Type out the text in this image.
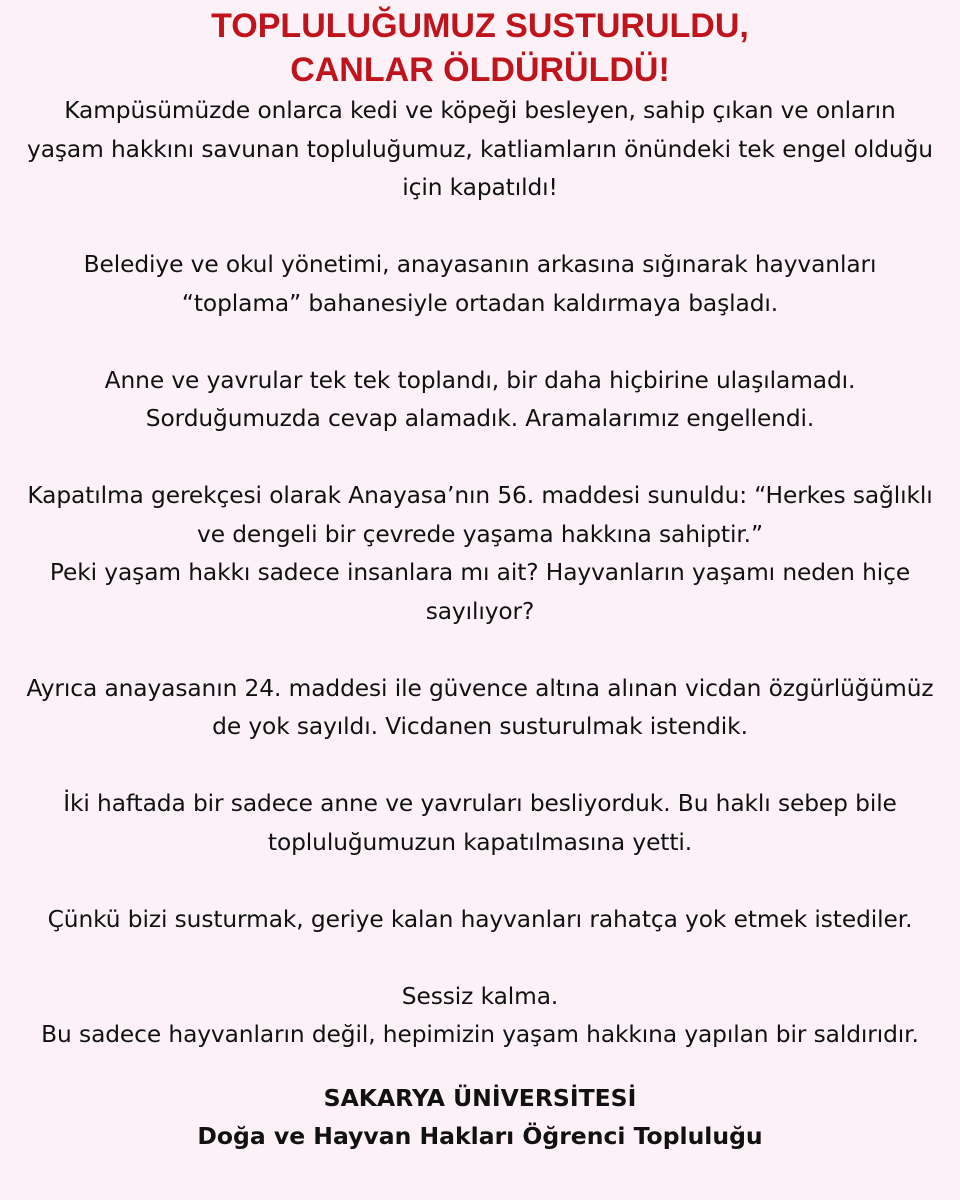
TOPLULUĞUMUZ SUSTURULDU,
CANLAR ÖLDÜRÜLDÜ!

Kampüsümüzde onlarca kedi ve köpeği besleyen, sahip çıkan ve onların
yaşam hakkını savunan topluluğumuz, katliamların önündeki tek engel olduğu
için kapatıldı!

Belediye ve okul yönetimi, anayasanın arkasına sığınarak hayvanları
“toplama” bahanesiyle ortadan kaldırmaya başladı.

Anne ve yavrular tek tek toplandı, bir daha hiçbirine ulaşılamadı.
Sorduğumuzda cevap alamadık. Aramalarımız engellendi.

Kapatılma gerekçesi olarak Anayasa’nın 56. maddesi sunuldu: “Herkes sağlıklı
ve dengeli bir çevrede yaşama hakkına sahiptir.”
Peki yaşam hakkı sadece insanlara mı ait? Hayvanların yaşamı neden hiçe
sayılıyor?

Ayrıca anayasanın 24. maddesi ile güvence altına alınan vicdan özgürlüğümüz
de yok sayıldı. Vicdanen susturulmak istendik.

İki haftada bir sadece anne ve yavruları besliyorduk. Bu haklı sebep bile
topluluğumuzun kapatılmasına yetti.

Çünkü bizi susturmak, geriye kalan hayvanları rahatça yok etmek istediler.

Sessiz kalma.
Bu sadece hayvanların değil, hepimizin yaşam hakkına yapılan bir saldırıdır.

SAKARYA ÜNİVERSİTESİ
Doğa ve Hayvan Hakları Öğrenci Topluluğu
